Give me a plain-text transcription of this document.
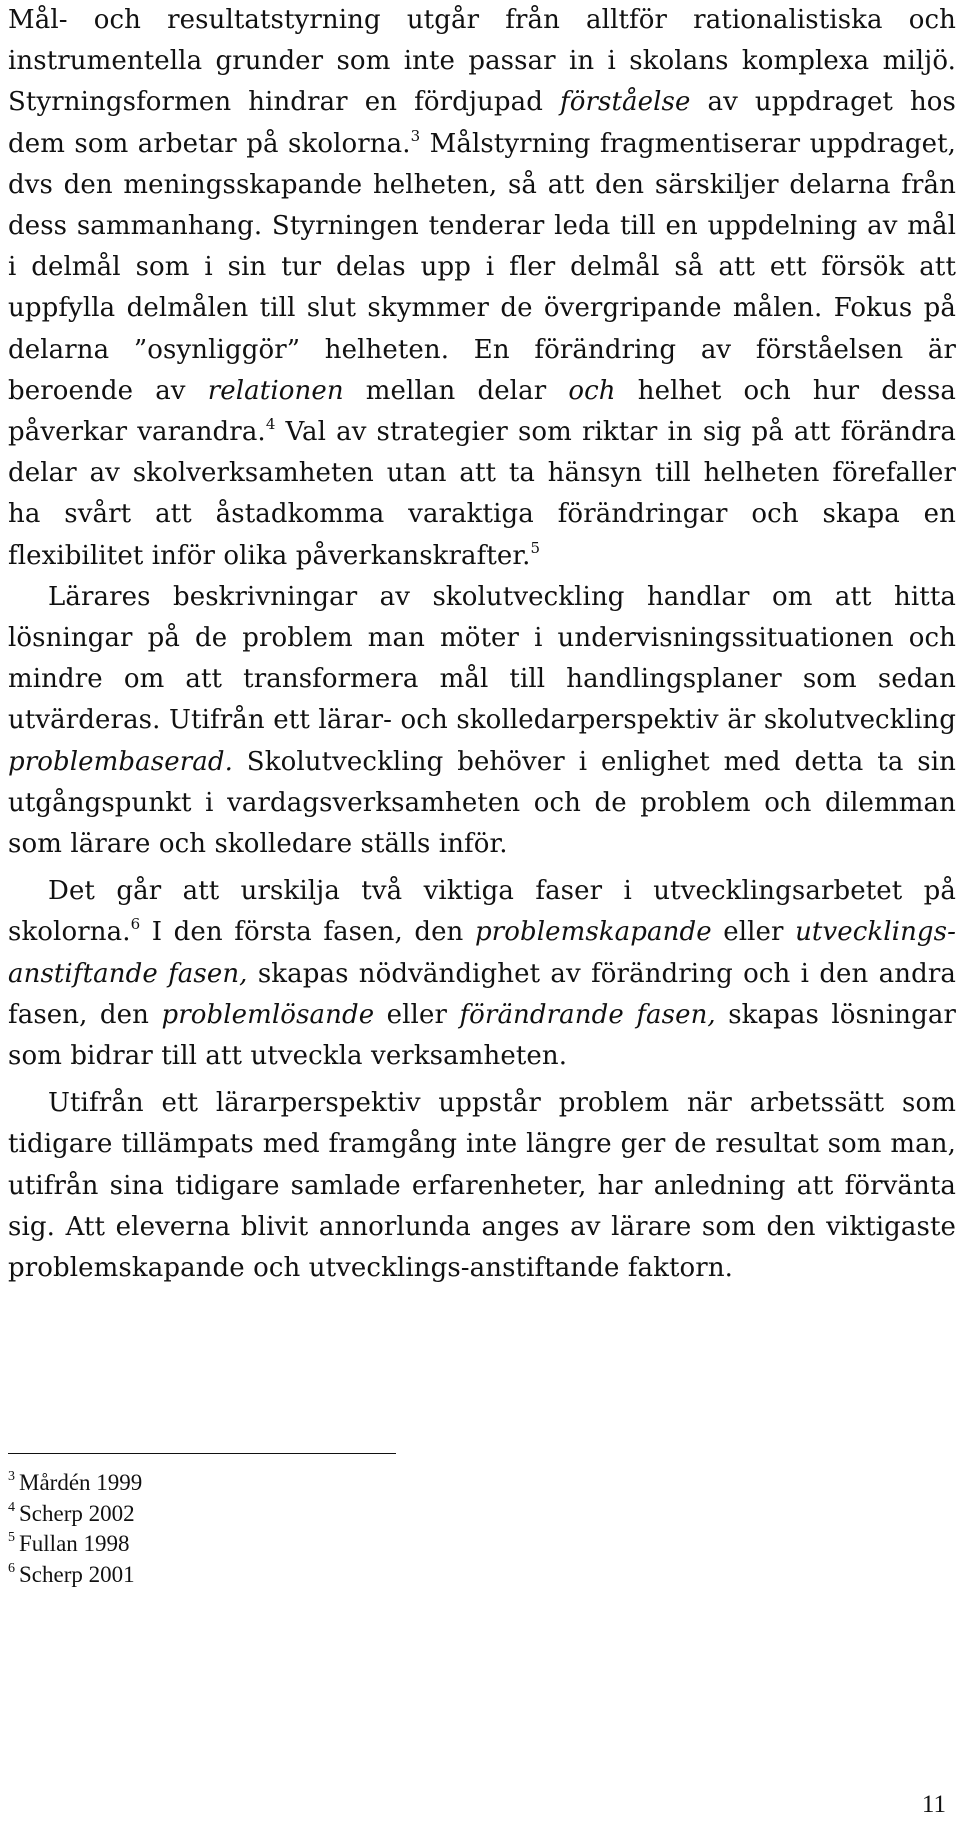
Mål- och resultatstyrning utgår från alltför rationalistiska och instrumentella grunder som inte passar in i skolans komplexa miljö. Styrningsformen hindrar en fördjupad förståelse av uppdraget hos dem som arbetar på skolorna.$^3$ Målstyrning fragmentiserar uppdraget, dvs den meningsskapande helheten, så att den särskiljer delarna från dess sammanhang. Styrningen tenderar leda till en uppdelning av mål i delmål som i sin tur delas upp i fler delmål så att ett försök att uppfylla delmålen till slut skymmer de övergripande målen. Fokus på delarna ”osynliggör” helheten. En förändring av förståelsen är beroende av relationen mellan delar och helhet och hur dessa påverkar varandra.$^4$ Val av strategier som riktar in sig på att förändra delar av skolverksamheten utan att ta hänsyn till helheten förefaller ha svårt att åstadkomma varaktiga förändringar och skapa en flexibilitet inför olika påverkanskrafter.$^5$

Lärares beskrivningar av skolutveckling handlar om att hitta lösningar på de problem man möter i undervisningssituationen och mindre om att transformera mål till handlingsplaner som sedan utvärderas. Utifrån ett lärar- och skolledarperspektiv är skolutveckling problembaserad. Skolutveckling behöver i enlighet med detta ta sin utgångspunkt i vardagsverksamheten och de problem och dilemman som lärare och skolledare ställs inför.

Det går att urskilja två viktiga faser i utvecklingsarbetet på skolorna.$^6$ I den första fasen, den problemskapande eller utvecklings-anstiftande fasen, skapas nödvändighet av förändring och i den andra fasen, den problemlösande eller förändrande fasen, skapas lösningar som bidrar till att utveckla verksamheten.

Utifrån ett lärarperspektiv uppstår problem när arbetssätt som tidigare tillämpats med framgång inte längre ger de resultat som man, utifrån sina tidigare samlade erfarenheter, har anledning att förvänta sig. Att eleverna blivit annorlunda anges av lärare som den viktigaste problemskapande och utvecklings-anstiftande faktorn.

$^3$ Mårdén 1999

$^4$ Scherp 2002

$^5$ Fullan 1998

$^6$ Scherp 2001

11
